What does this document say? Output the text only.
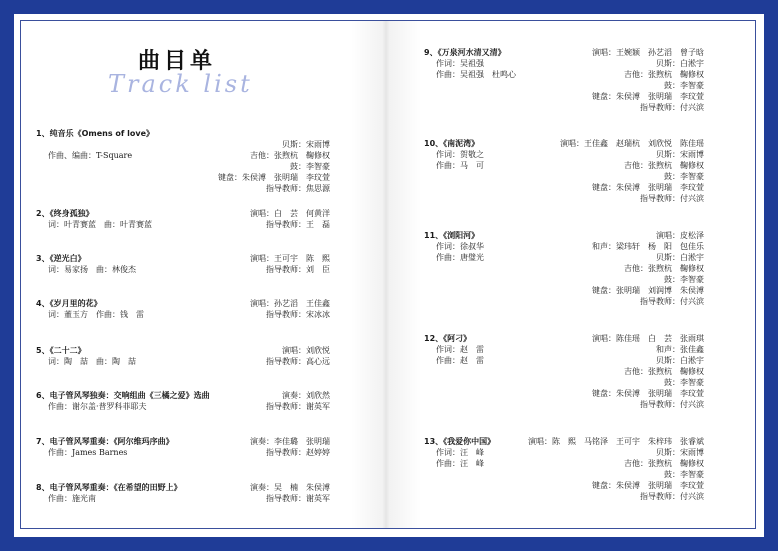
曲目单
Track list
1、纯音乐《Omens of love》
贝斯：宋雨博
作曲、编曲：T-Square	吉他：张煦杭　鞠修权
鼓：李智豪
键盘：朱侯溥　张明瑞　李玟萱
指导教师：焦思源
2、《终身孤独》	演唱：白　芸　何黄洋
词：叶青赛蓝　曲：叶青赛蓝	指导教师：王　磊
3、《逆光白》	演唱：王可宇　陈　熙
词：易家扬　曲：林俊杰	指导教师：刘　臣
4、《岁月里的花》	演唱：孙艺滔　王佳鑫
词：董玉方　作曲：钱　雷	指导教师：宋冰冰
5、《二十二》	演唱：刘欣悦
词：陶　喆　曲：陶　喆	指导教师：高心远
6、电子管风琴独奏：交响组曲《三橘之爱》选曲	演奏：刘欣然
作曲：谢尔盖·普罗科菲耶夫	指导教师：谢英军
7、电子管风琴重奏：《阿尔维玛序曲》	演奏：李佳璐　张明瑞
作曲：James Barnes	指导教师：赵婷婷
8、电子管风琴重奏：《在希望的田野上》	演奏：吴　楠　朱侯溥
作曲：施光南	指导教师：谢英军
9、《万泉河水清又清》	演唱：王婉颖　孙艺滔　曾子晗
作词：吴祖强	贝斯：白淞宇
作曲：吴祖强　杜鸣心	吉他：张煦杭　鞠修权
鼓：李智豪
键盘：朱侯溥　张明瑞　李玟萱
指导教师：付兴滨
10、《南泥湾》	演唱：王佳鑫　赵瑞杭　刘欣悦　陈佳瑶
作词：贺敬之	贝斯：宋雨博
作曲：马　可	吉他：张煦杭　鞠修权
鼓：李智豪
键盘：朱侯溥　张明瑞　李玟萱
指导教师：付兴滨
11、《浏阳河》	演唱：皮松泽
作词：徐叔华	和声：梁玮轩　杨　阳　包佳乐
作曲：唐璧光	贝斯：白淞宇
吉他：张煦杭　鞠修权
鼓：李智豪
键盘：张明瑞　刘润博　朱侯溥
指导教师：付兴滨
12、《阿刁》	演唱：陈佳瑶　白　芸　张雨琪
作词：赵　雷	和声：张佳鑫
作曲：赵　雷	贝斯：白淞宇
吉他：张煦杭　鞠修权
鼓：李智豪
键盘：朱侯溥　张明瑞　李玟萱
指导教师：付兴滨
13、《我爱你中国》	演唱：陈　熙　马铭泽　王可宇　朱梓玮　张睿斌
作词：汪　峰	贝斯：宋雨博
作曲：汪　峰	吉他：张煦杭　鞠修权
鼓：李智豪
键盘：朱侯溥　张明瑞　李玟萱
指导教师：付兴滨
